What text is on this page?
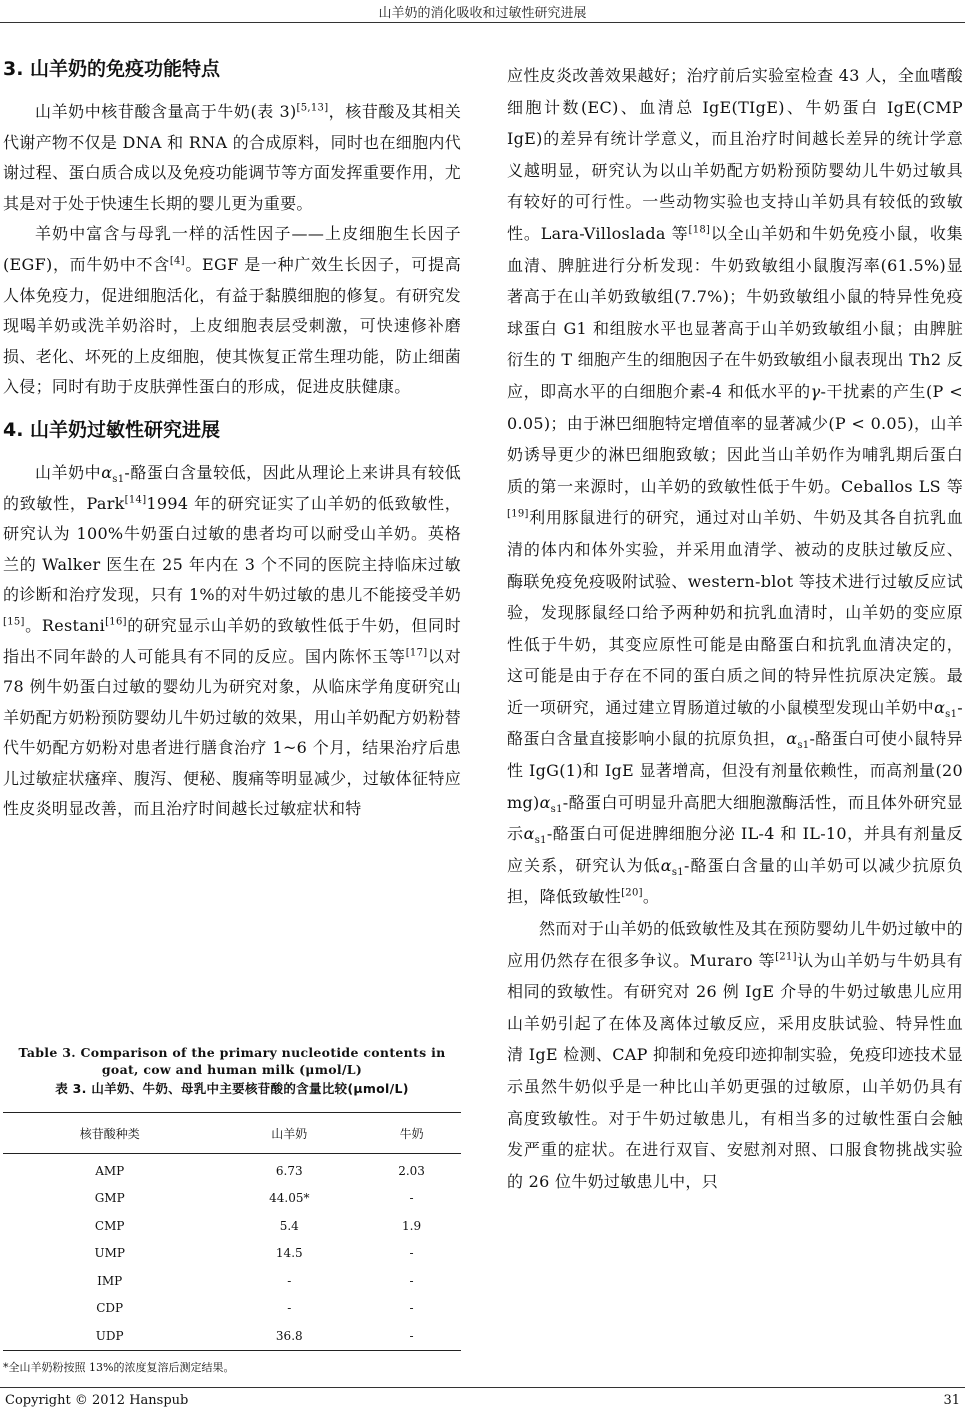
山羊奶的消化吸收和过敏性研究进展
3. 山羊奶的免疫功能特点

山羊奶中核苷酸含量高于牛奶(表 3)[5,13]，核苷酸及其相关代谢产物不仅是 DNA 和 RNA 的合成原料，同时也在细胞内代谢过程、蛋白质合成以及免疫功能调节等方面发挥重要作用，尤其是对于处于快速生长期的婴儿更为重要。

羊奶中富含与母乳一样的活性因子——上皮细胞生长因子(EGF)，而牛奶中不含[4]。EGF 是一种广效生长因子，可提高人体免疫力，促进细胞活化，有益于黏膜细胞的修复。有研究发现喝羊奶或洗羊奶浴时，上皮细胞表层受刺激，可快速修补磨损、老化、坏死的上皮细胞，使其恢复正常生理功能，防止细菌入侵；同时有助于皮肤弹性蛋白的形成，促进皮肤健康。

4. 山羊奶过敏性研究进展

山羊奶中$\alpha_{s1}-$酪蛋白含量较低，因此从理论上来讲具有较低的致敏性，Park[14]1994 年的研究证实了山羊奶的低致敏性，研究认为 100%牛奶蛋白过敏的患者均可以耐受山羊奶。英格兰的 Walker 医生在 25 年内在 3 个不同的医院主持临床过敏的诊断和治疗发现，只有 1%的对牛奶过敏的患儿不能接受羊奶[15]。Restani[16]的研究显示山羊奶的致敏性低于牛奶，但同时指出不同年龄的人可能具有不同的反应。国内陈怀玉等[17]以对 78 例牛奶蛋白过敏的婴幼儿为研究对象，从临床学角度研究山羊奶配方奶粉预防婴幼儿牛奶过敏的效果，用山羊奶配方奶粉替代牛奶配方奶粉对患者进行膳食治疗 1~6 个月，结果治疗后患儿过敏症状瘙痒、腹泻、便秘、腹痛等明显减少，过敏体征特应性皮炎明显改善，而且治疗时间越长过敏症状和特

Table 3. Comparison of the primary nucleotide contents in goat, cow and human milk (μmol/L)

表 3. 山羊奶、牛奶、母乳中主要核苷酸的含量比较(μmol/L)

核苷酸种类	山羊奶	牛奶
AMP	6.73	2.03
GMP	44.05*	-
CMP	5.4	1.9
UMP	14.5	-
IMP	-	-
CDP	-	-
UDP	36.8	-
*全山羊奶粉按照 13%的浓度复溶后测定结果。

应性皮炎改善效果越好；治疗前后实验室检查 43 人，全血嗜酸细胞计数(EC)、血清总 IgE(TIgE)、牛奶蛋白 IgE(CMP IgE)的差异有统计学意义，而且治疗时间越长差异的统计学意义越明显，研究认为以山羊奶配方奶粉预防婴幼儿牛奶过敏具有较好的可行性。一些动物实验也支持山羊奶具有较低的致敏性。Lara-Villoslada 等[18]以全山羊奶和牛奶免疫小鼠，收集血清、脾脏进行分析发现：牛奶致敏组小鼠腹泻率(61.5%)显著高于在山羊奶致敏组(7.7%)；牛奶致敏组小鼠的特异性免疫球蛋白 G1 和组胺水平也显著高于山羊奶致敏组小鼠；由脾脏衍生的 T 细胞产生的细胞因子在牛奶致敏组小鼠表现出 Th2 反应，即高水平的白细胞介素-4 和低水平的γ-干扰素的产生(P < 0.05)；由于淋巴细胞特定增值率的显著减少(P < 0.05)，山羊奶诱导更少的淋巴细胞致敏；因此当山羊奶作为哺乳期后蛋白质的第一来源时，山羊奶的致敏性低于牛奶。Ceballos LS 等[19]利用豚鼠进行的研究，通过对山羊奶、牛奶及其各自抗乳血清的体内和体外实验，并采用血清学、被动的皮肤过敏反应、酶联免疫免疫吸附试验、western-blot 等技术进行过敏反应试验，发现豚鼠经口给予两种奶和抗乳血清时，山羊奶的变应原性低于牛奶，其变应原性可能是由酪蛋白和抗乳血清决定的，这可能是由于存在不同的蛋白质之间的特异性抗原决定簇。最近一项研究，通过建立胃肠道过敏的小鼠模型发现山羊奶中$\alpha_{s1}-$酪蛋白含量直接影响小鼠的抗原负担，$\alpha_{s1}-$酪蛋白可使小鼠特异性 IgG(1)和 IgE 显著增高，但没有剂量依赖性，而高剂量(20 $mg)\alpha_{s1}-$酪蛋白可明显升高肥大细胞激酶活性，而且体外研究显示$\alpha_{s1}-$酪蛋白可促进脾细胞分泌 IL-4 和 IL-10，并具有剂量反应关系，研究认为低$\alpha_{s1}-$酪蛋白含量的山羊奶可以减少抗原负担，降低致敏性[20]。

然而对于山羊奶的低致敏性及其在预防婴幼儿牛奶过敏中的应用仍然存在很多争议。Muraro 等[21]认为山羊奶与牛奶具有相同的致敏性。有研究对 26 例 IgE 介导的牛奶过敏患儿应用山羊奶引起了在体及离体过敏反应，采用皮肤试验、特异性血清 IgE 检测、CAP 抑制和免疫印迹抑制实验，免疫印迹技术显示虽然牛奶似乎是一种比山羊奶更强的过敏原，山羊奶仍具有高度致敏性。对于牛奶过敏患儿，有相当多的过敏性蛋白会触发严重的症状。在进行双盲、安慰剂对照、口服食物挑战实验的 26 位牛奶过敏患儿中，只

Copyright © 2012 Hanspub	31
